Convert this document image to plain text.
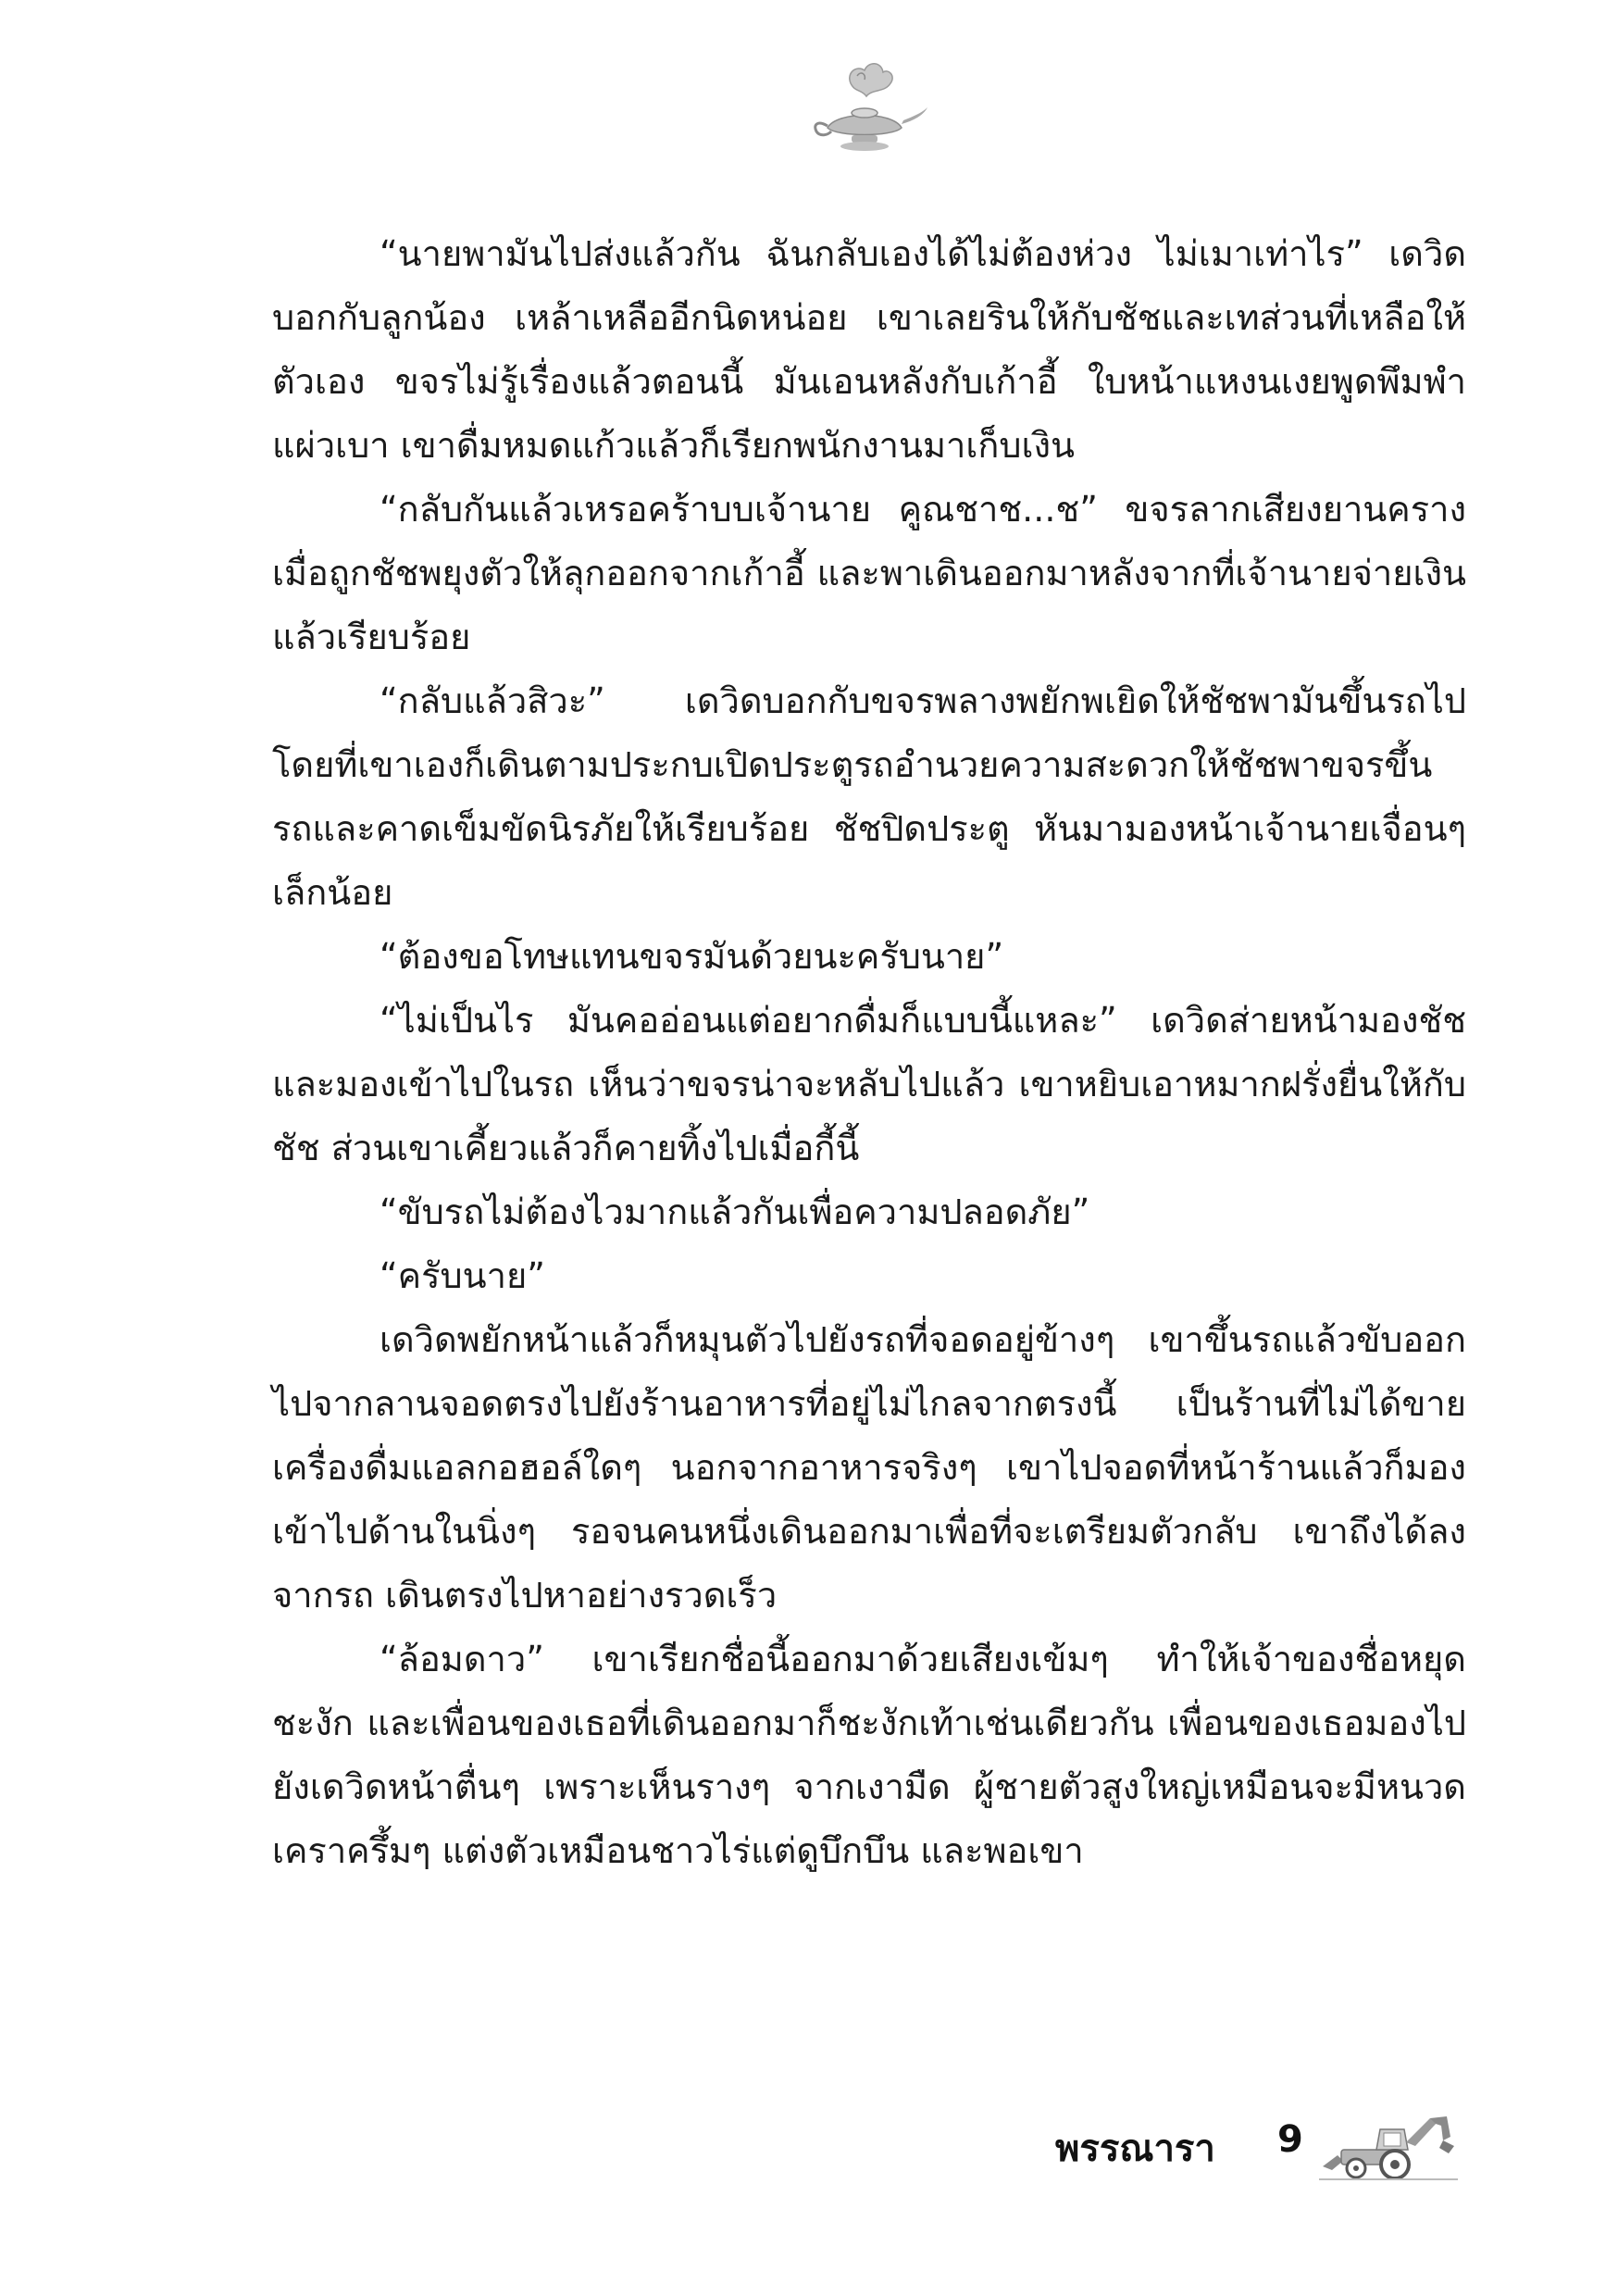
“นายพามันไปส่งแล้วกัน ฉันกลับเองได้ไม่ต้องห่วง ไม่เมาเท่าไร” เดวิดบอกกับลูกน้อง เหล้าเหลืออีกนิดหน่อย เขาเลยรินให้กับชัชและเทส่วนที่เหลือให้ตัวเอง ขจรไม่รู้เรื่องแล้วตอนนี้ มันเอนหลังกับเก้าอี้ ใบหน้าแหงนเงยพูดพึมพำแผ่วเบา เขาดื่มหมดแก้วแล้วก็เรียกพนักงานมาเก็บเงิน

“กลับกันแล้วเหรอคร้าบบเจ้านาย คูณชาช...ช” ขจรลากเสียงยานคราง เมื่อถูกชัชพยุงตัวให้ลุกออกจากเก้าอี้ และพาเดินออกมาหลังจากที่เจ้านายจ่ายเงินแล้วเรียบร้อย

“กลับแล้วสิวะ” เดวิดบอกกับขจรพลางพยักพเยิดให้ชัชพามันขึ้นรถไป โดยที่เขาเองก็เดินตามประกบเปิดประตูรถอำนวยความสะดวกให้ชัชพาขจรขึ้นรถและคาดเข็มขัดนิรภัยให้เรียบร้อย ชัชปิดประตู หันมามองหน้าเจ้านายเจื่อนๆ เล็กน้อย

“ต้องขอโทษแทนขจรมันด้วยนะครับนาย”

“ไม่เป็นไร มันคออ่อนแต่อยากดื่มก็แบบนี้แหละ” เดวิดส่ายหน้ามองชัชและมองเข้าไปในรถ เห็นว่าขจรน่าจะหลับไปแล้ว เขาหยิบเอาหมากฝรั่งยื่นให้กับชัช ส่วนเขาเคี้ยวแล้วก็คายทิ้งไปเมื่อกี้นี้

“ขับรถไม่ต้องไวมากแล้วกันเพื่อความปลอดภัย”

“ครับนาย”

เดวิดพยักหน้าแล้วก็หมุนตัวไปยังรถที่จอดอยู่ข้างๆ เขาขึ้นรถแล้วขับออกไปจากลานจอดตรงไปยังร้านอาหารที่อยู่ไม่ไกลจากตรงนี้ เป็นร้านที่ไม่ได้ขายเครื่องดื่มแอลกอฮอล์ใดๆ นอกจากอาหารจริงๆ เขาไปจอดที่หน้าร้านแล้วก็มองเข้าไปด้านในนิ่งๆ รอจนคนหนึ่งเดินออกมาเพื่อที่จะเตรียมตัวกลับ เขาถึงได้ลงจากรถ เดินตรงไปหาอย่างรวดเร็ว

“ล้อมดาว” เขาเรียกชื่อนี้ออกมาด้วยเสียงเข้มๆ ทำให้เจ้าของชื่อหยุดชะงัก และเพื่อนของเธอที่เดินออกมาก็ชะงักเท้าเช่นเดียวกัน เพื่อนของเธอมองไปยังเดวิดหน้าตื่นๆ เพราะเห็นรางๆ จากเงามืด ผู้ชายตัวสูงใหญ่เหมือนจะมีหนวดเคราครึ้มๆ แต่งตัวเหมือนชาวไร่แต่ดูบึกบึน และพอเขา

พรรณารา 9
